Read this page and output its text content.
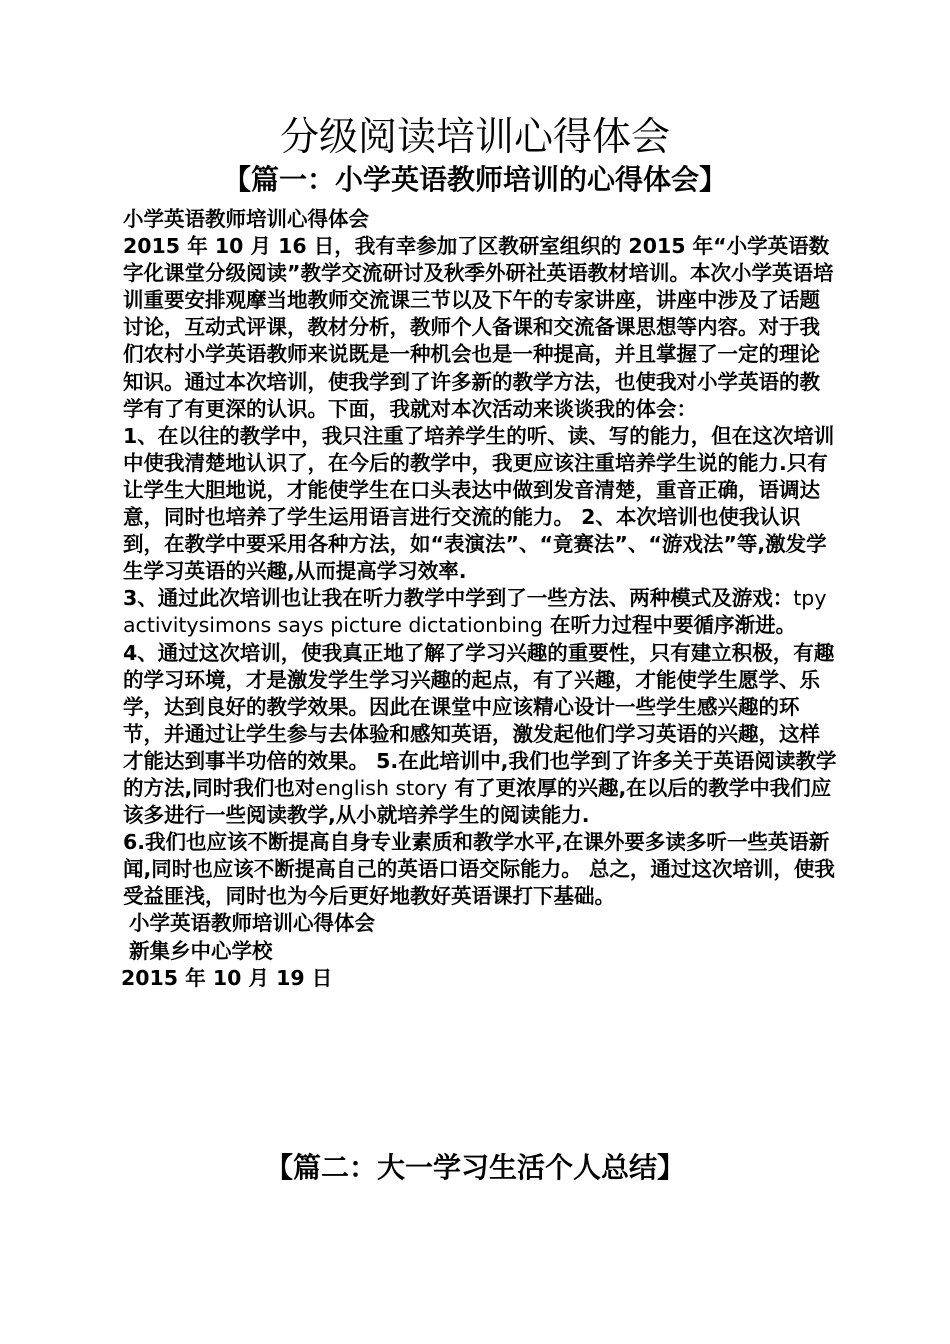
分级阅读培训心得体会
【篇一：小学英语教师培训的心得体会】

小学英语教师培训心得体会

2015 年 10 月 16 日，我有幸参加了区教研室组织的 2015 年“小学英语数字化课堂分级阅读”教学交流研讨及秋季外研社英语教材培训。本次小学英语培训重要安排观摩当地教师交流课三节以及下午的专家讲座，讲座中涉及了话题讨论，互动式评课，教材分析，教师个人备课和交流备课思想等内容。对于我们农村小学英语教师来说既是一种机会也是一种提高，并且掌握了一定的理论知识。通过本次培训，使我学到了许多新的教学方法，也使我对小学英语的教学有了有更深的认识。下面，我就对本次活动来谈谈我的体会：

1、在以往的教学中，我只注重了培养学生的听、读、写的能力，但在这次培训中使我清楚地认识了，在今后的教学中，我更应该注重培养学生说的能力.只有让学生大胆地说，才能使学生在口头表达中做到发音清楚，重音正确，语调达意，同时也培养了学生运用语言进行交流的能力。 2、本次培训也使我认识到，在教学中要采用各种方法，如“表演法”、“竟赛法”、“游戏法”等,激发学生学习英语的兴趣,从而提高学习效率.

3、通过此次培训也让我在听力教学中学到了一些方法、两种模式及游戏：tpy activitysimons says picture dictationbing 在听力过程中要循序渐进。

4、通过这次培训，使我真正地了解了学习兴趣的重要性，只有建立积极，有趣的学习环境，才是激发学生学习兴趣的起点，有了兴趣，才能使学生愿学、乐学，达到良好的教学效果。因此在课堂中应该精心设计一些学生感兴趣的环节，并通过让学生参与去体验和感知英语，激发起他们学习英语的兴趣，这样才能达到事半功倍的效果。 5.在此培训中,我们也学到了许多关于英语阅读教学的方法,同时我们也对english story 有了更浓厚的兴趣,在以后的教学中我们应该多进行一些阅读教学,从小就培养学生的阅读能力.

6.我们也应该不断提高自身专业素质和教学水平,在课外要多读多听一些英语新闻,同时也应该不断提高自己的英语口语交际能力。 总之，通过这次培训，使我受益匪浅，同时也为今后更好地教好英语课打下基础。

小学英语教师培训心得体会

新集乡中心学校

2015 年 10 月 19 日

【篇二：大一学习生活个人总结】
